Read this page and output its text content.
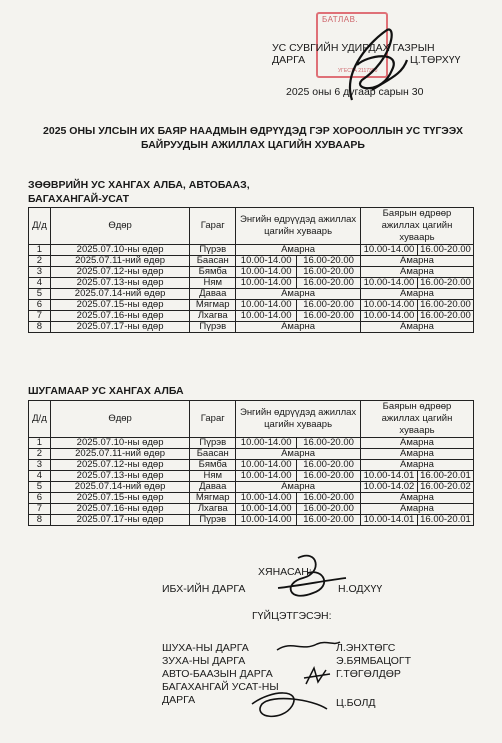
БАТЛАВ.
УГЕСТА 2117300
УС СУВГИЙН УДИРДАХ ГАЗРЫН
ДАРГА	Ц.ТӨРХҮҮ
2025 оны 6 дугаар сарын 30
2025 ОНЫ УЛСЫН ИХ БАЯР НААДМЫН ӨДРҮҮДЭД ГЭР ХОРООЛЛЫН УС ТҮГЭЭХ БАЙРУУДЫН АЖИЛЛАХ ЦАГИЙН ХУВААРЬ
ЗӨӨВРИЙН УС ХАНГАХ АЛБА, АВТОБААЗ,
БАГАХАНГАЙ-УСАТ
Д/д	Өдөр	Гараг	Энгийн өдрүүдэд ажиллах цагийн хуваарь		Баярын өдрөөр ажиллах цагийн хуваарь	
1	2025.07.10-ны өдөр	Пүрэв	Амарна		10.00-14.00	16.00-20.00
2	2025.07.11-ний өдөр	Баасан	10.00-14.00	16.00-20.00	Амарна	
3	2025.07.12-ны өдөр	Бямба	10.00-14.00	16.00-20.00	Амарна	
4	2025.07.13-ны өдөр	Ням	10.00-14.00	16.00-20.00	10.00-14.00	16.00-20.00
5	2025.07.14-ний өдөр	Даваа	Амарна		Амарна	
6	2025.07.15-ны өдөр	Мягмар	10.00-14.00	16.00-20.00	10.00-14.00	16.00-20.00
7	2025.07.16-ны өдөр	Лхагва	10.00-14.00	16.00-20.00	10.00-14.00	16.00-20.00
8	2025.07.17-ны өдөр	Пүрэв	Амарна		Амарна	
ШУГАМААР УС ХАНГАХ АЛБА
Д/д	Өдөр	Гараг	Энгийн өдрүүдэд ажиллах цагийн хуваарь		Баярын өдрөөр ажиллах цагийн хуваарь	
1	2025.07.10-ны өдөр	Пүрэв	10.00-14.00	16.00-20.00	Амарна	
2	2025.07.11-ний өдөр	Баасан	Амарна		Амарна	
3	2025.07.12-ны өдөр	Бямба	10.00-14.00	16.00-20.00	Амарна	
4	2025.07.13-ны өдөр	Ням	10.00-14.00	16.00-20.00	10.00-14.01	16.00-20.01
5	2025.07.14-ний өдөр	Даваа	Амарна		10.00-14.02	16.00-20.02
6	2025.07.15-ны өдөр	Мягмар	10.00-14.00	16.00-20.00	Амарна	
7	2025.07.16-ны өдөр	Лхагва	10.00-14.00	16.00-20.00	Амарна	
8	2025.07.17-ны өдөр	Пүрэв	10.00-14.00	16.00-20.00	10.00-14.01	16.00-20.01
ХЯНАСАН:
ИБХ-ИЙН ДАРГА	Н.ОДХҮҮ
ГҮЙЦЭТГЭСЭН:
ШУХА-НЫ ДАРГА	Л.ЭНХТӨГС
ЗУХА-НЫ ДАРГА	Э.БЯМБАЦОГТ
АВТО-БААЗЫН ДАРГА	Г.ТӨГӨЛДӨР
БАГАХАНГАЙ УСАТ-НЫ
ДАРГА	Ц.БОЛД
